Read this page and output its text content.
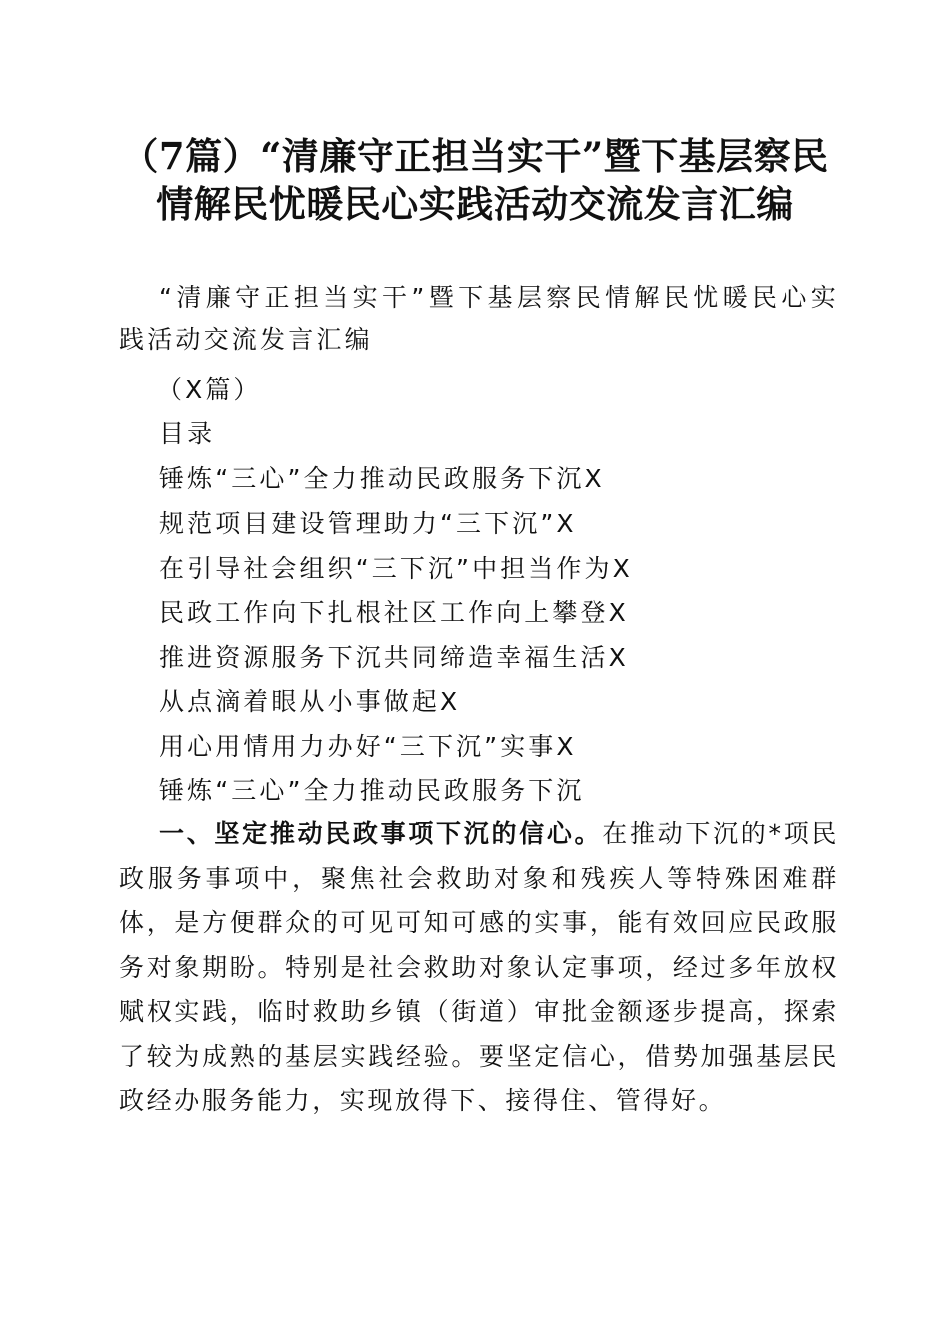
（7篇）“清廉守正担当实干”暨下基层察民
情解民忧暖民心实践活动交流发言汇编

“清廉守正担当实干”暨下基层察民情解民忧暖民心实践活动交流发言汇编

（X篇）

目录

锤炼“三心”全力推动民政服务下沉X

规范项目建设管理助力“三下沉”X

在引导社会组织“三下沉”中担当作为X

民政工作向下扎根社区工作向上攀登X

推进资源服务下沉共同缔造幸福生活X

从点滴着眼从小事做起X

用心用情用力办好“三下沉”实事X

锤炼“三心”全力推动民政服务下沉

一、坚定推动民政事项下沉的信心。在推动下沉的*项民政服务事项中，聚焦社会救助对象和残疾人等特殊困难群体，是方便群众的可见可知可感的实事，能有效回应民政服务对象期盼。特别是社会救助对象认定事项，经过多年放权赋权实践，临时救助乡镇（街道）审批金额逐步提高，探索了较为成熟的基层实践经验。要坚定信心，借势加强基层民政经办服务能力，实现放得下、接得住、管得好。
